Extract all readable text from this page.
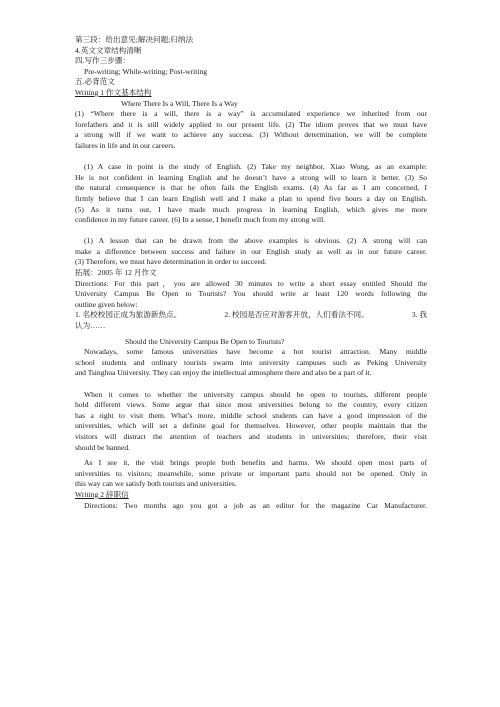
第三段：给出意见;解决问题;归纳法
4.英文文章结构清晰
四.写作三步骤：
Pre-writing; While-writing; Post-writing
五.必背范文
Writing 1 作文基本结构
Where There Is a Will, There Is a Way
(1) “Where there is a will, there is a way” is accumulated experience we inherited from our
forefathers and it is still widely applied to our present life. (2) The idiom proves that we must have
a strong will if we want to achieve any success. (3) Without determination, we will be complete
failures in life and in our careers.
(1) A case in point is the study of English. (2) Take my neighbor, Xiao Wong, as an example:
He is not confident in learning English and he doesn’t have a strong will to learn it better. (3) So
the natural consequence is that he often fails the English exams. (4) As far as I am concerned, I
firmly believe that I can learn English well and I make a plan to spend five hours a day on English.
(5) As it turns out, I have made much progress in learning English, which gives me more
confidence in my future career. (6) In a sense, I benefit much from my strong will.
(1) A lesson that can be drawn from the above examples is obvious. (2) A strong will can
make a difference between success and failure in our English study as well as in our future career.
(3) Therefore, we must have determination in order to succeed.
拓展：2005 年 12 月作文
Directions: For this part，you are allowed 30 minutes to write a short essay entitled Should the
University Campus Be Open to Tourists? You should write at least 120 words following the
outline given below:
1. 名校校园正成为旅游新热点。	2. 校园是否应对游客开放，人们看法不同。	3. 我
认为……
Should the University Campus Be Open to Tourists?
Nowadays, some famous universities have become a hot tourist attraction. Many middle
school students and ordinary tourists swarm into university campuses such as Peking University
and Tsinghua University. They can enjoy the intellectual atmosphere there and also be a part of it.
When it comes to whether the university campus should be open to tourists, different people
hold different views. Some argue that since most universities belong to the country, every citizen
has a right to visit them. What’s more, middle school students can have a good impression of the
universities, which will set a definite goal for themselves. However, other people maintain that the
visitors will distract the attention of teachers and students in universities; therefore, their visit
should be banned.
As I see it, the visit brings people both benefits and harms. We should open most parts of
universities to visitors; meanwhile, some private or important parts should not be opened. Only in
this way can we satisfy both tourists and universities.
Writing 2 辞职信
Directions: Two months ago you got a job as an editor for the magazine Car Manufacturer.
